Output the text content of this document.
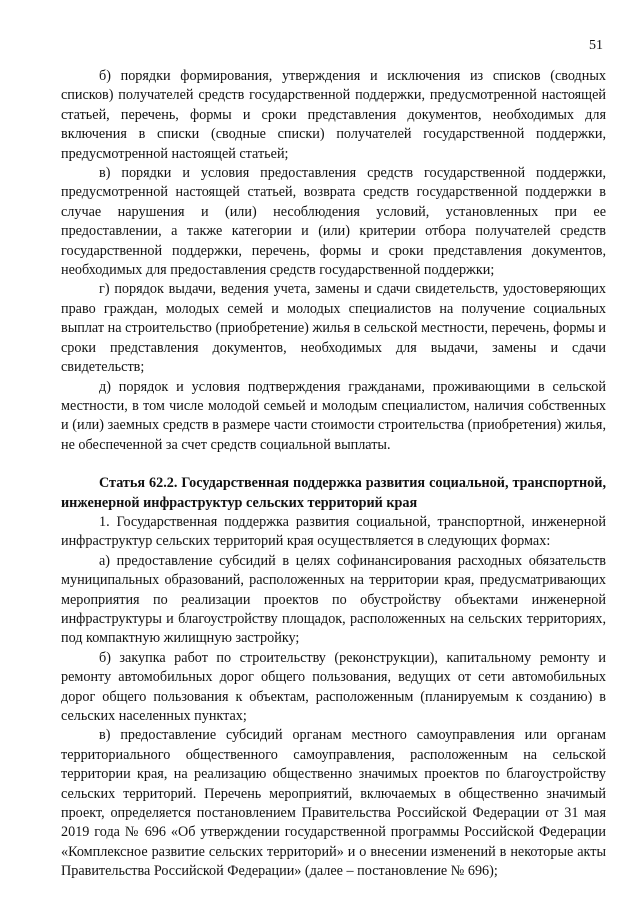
51

б) порядки формирования, утверждения и исключения из списков (сводных списков) получателей средств государственной поддержки, предусмотренной настоящей статьей, перечень, формы и сроки представления документов, необходимых для включения в списки (сводные списки) получателей государственной поддержки, предусмотренной настоящей статьей;

в) порядки и условия предоставления средств государственной поддержки, предусмотренной настоящей статьей, возврата средств государственной поддержки в случае нарушения и (или) несоблюдения условий, установленных при ее предоставлении, а также категории и (или) критерии отбора получателей средств государственной поддержки, перечень, формы и сроки представления документов, необходимых для предоставления средств государственной поддержки;

г) порядок выдачи, ведения учета, замены и сдачи свидетельств, удостоверяющих право граждан, молодых семей и молодых специалистов на получение социальных выплат на строительство (приобретение) жилья в сельской местности, перечень, формы и сроки представления документов, необходимых для выдачи, замены и сдачи свидетельств;

д) порядок и условия подтверждения гражданами, проживающими в сельской местности, в том числе молодой семьей и молодым специалистом, наличия собственных и (или) заемных средств в размере части стоимости строительства (приобретения) жилья, не обеспеченной за счет средств социальной выплаты.

Статья 62.2. Государственная поддержка развития социальной, транспортной, инженерной инфраструктур сельских территорий края

1. Государственная поддержка развития социальной, транспортной, инженерной инфраструктур сельских территорий края осуществляется в следующих формах:

а) предоставление субсидий в целях софинансирования расходных обязательств муниципальных образований, расположенных на территории края, предусматривающих мероприятия по реализации проектов по обустройству объектами инженерной инфраструктуры и благоустройству площадок, расположенных на сельских территориях, под компактную жилищную застройку;

б) закупка работ по строительству (реконструкции), капитальному ремонту и ремонту автомобильных дорог общего пользования, ведущих от сети автомобильных дорог общего пользования к объектам, расположенным (планируемым к созданию) в сельских населенных пунктах;

в) предоставление субсидий органам местного самоуправления или органам территориального общественного самоуправления, расположенным на сельской территории края, на реализацию общественно значимых проектов по благоустройству сельских территорий. Перечень мероприятий, включаемых в общественно значимый проект, определяется постановлением Правительства Российской Федерации от 31 мая 2019 года № 696 «Об утверждении государственной программы Российской Федерации «Комплексное развитие сельских территорий» и о внесении изменений в некоторые акты Правительства Российской Федерации» (далее – постановление № 696);
